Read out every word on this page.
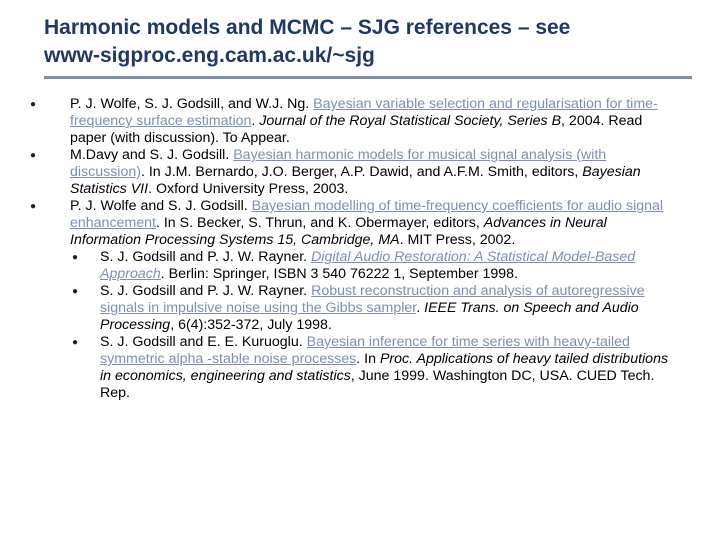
Harmonic models and MCMC – SJG references – see
www-sigproc.eng.cam.ac.uk/~sjg
● P. J. Wolfe, S. J. Godsill, and W.J. Ng. Bayesian variable selection and regularisation for time-frequency surface estimation. Journal of the Royal Statistical Society, Series B, 2004. Read paper (with discussion). To Appear.
● M.Davy and S. J. Godsill. Bayesian harmonic models for musical signal analysis (with discussion). In J.M. Bernardo, J.O. Berger, A.P. Dawid, and A.F.M. Smith, editors, Bayesian Statistics VII. Oxford University Press, 2003.
● P. J. Wolfe and S. J. Godsill. Bayesian modelling of time-frequency coefficients for audio signal enhancement. In S. Becker, S. Thrun, and K. Obermayer, editors, Advances in Neural Information Processing Systems 15, Cambridge, MA. MIT Press, 2002.
● S. J. Godsill and P. J. W. Rayner. Digital Audio Restoration: A Statistical Model-Based Approach. Berlin: Springer, ISBN 3 540 76222 1, September 1998.
● S. J. Godsill and P. J. W. Rayner. Robust reconstruction and analysis of autoregressive signals in impulsive noise using the Gibbs sampler. IEEE Trans. on Speech and Audio Processing, 6(4):352-372, July 1998.
● S. J. Godsill and E. E. Kuruoglu. Bayesian inference for time series with heavy-tailed symmetric alpha -stable noise processes. In Proc. Applications of heavy tailed distributions in economics, engineering and statistics, June 1999. Washington DC, USA. CUED Tech. Rep.
